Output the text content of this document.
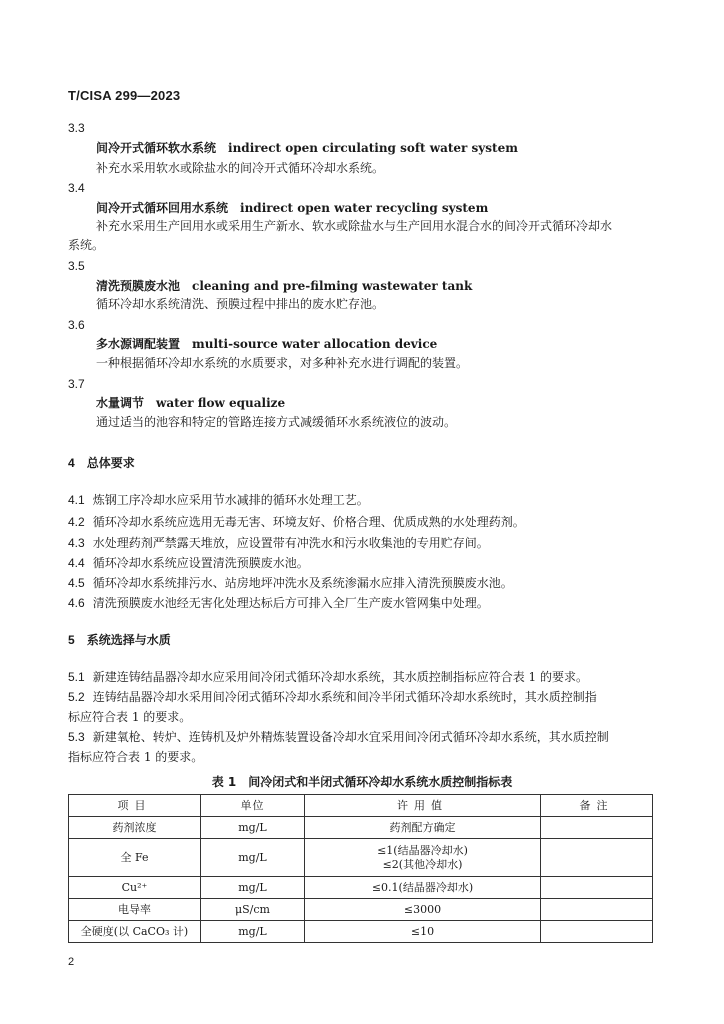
T/CISA 299—2023
3.3
间冷开式循环软水系统 indirect open circulating soft water system
补充水采用软水或除盐水的间冷开式循环冷却水系统。
3.4
间冷开式循环回用水系统 indirect open water recycling system
补充水采用生产回用水或采用生产新水、软水或除盐水与生产回用水混合水的间冷开式循环冷却水
系统。
3.5
清洗预膜废水池 cleaning and pre-filming wastewater tank
循环冷却水系统清洗、预膜过程中排出的废水贮存池。
3.6
多水源调配装置 multi-source water allocation device
一种根据循环冷却水系统的水质要求，对多种补充水进行调配的装置。
3.7
水量调节 water flow equalize
通过适当的池容和特定的管路连接方式减缓循环水系统液位的波动。
4 总体要求
4.1 炼钢工序冷却水应采用节水减排的循环水处理工艺。
4.2 循环冷却水系统应选用无毒无害、环境友好、价格合理、优质成熟的水处理药剂。
4.3 水处理药剂严禁露天堆放，应设置带有冲洗水和污水收集池的专用贮存间。
4.4 循环冷却水系统应设置清洗预膜废水池。
4.5 循环冷却水系统排污水、站房地坪冲洗水及系统渗漏水应排入清洗预膜废水池。
4.6 清洗预膜废水池经无害化处理达标后方可排入全厂生产废水管网集中处理。
5 系统选择与水质
5.1 新建连铸结晶器冷却水应采用间冷闭式循环冷却水系统，其水质控制指标应符合表 1 的要求。
5.2 连铸结晶器冷却水采用间冷闭式循环冷却水系统和间冷半闭式循环冷却水系统时，其水质控制指
标应符合表 1 的要求。
5.3 新建氧枪、转炉、连铸机及炉外精炼装置设备冷却水宜采用间冷闭式循环冷却水系统，其水质控制
指标应符合表 1 的要求。
表 1 间冷闭式和半闭式循环冷却水系统水质控制指标表
项目	单位	许用值	备注
药剂浓度	mg/L	药剂配方确定	
全 Fe	mg/L	≤1(结晶器冷却水)
≤2(其他冷却水)	

Cu²⁺	mg/L	≤0.1(结晶器冷却水)	
电导率	μS/cm	≤3000	
全硬度(以 CaCO₃ 计)	mg/L	≤10	
2
